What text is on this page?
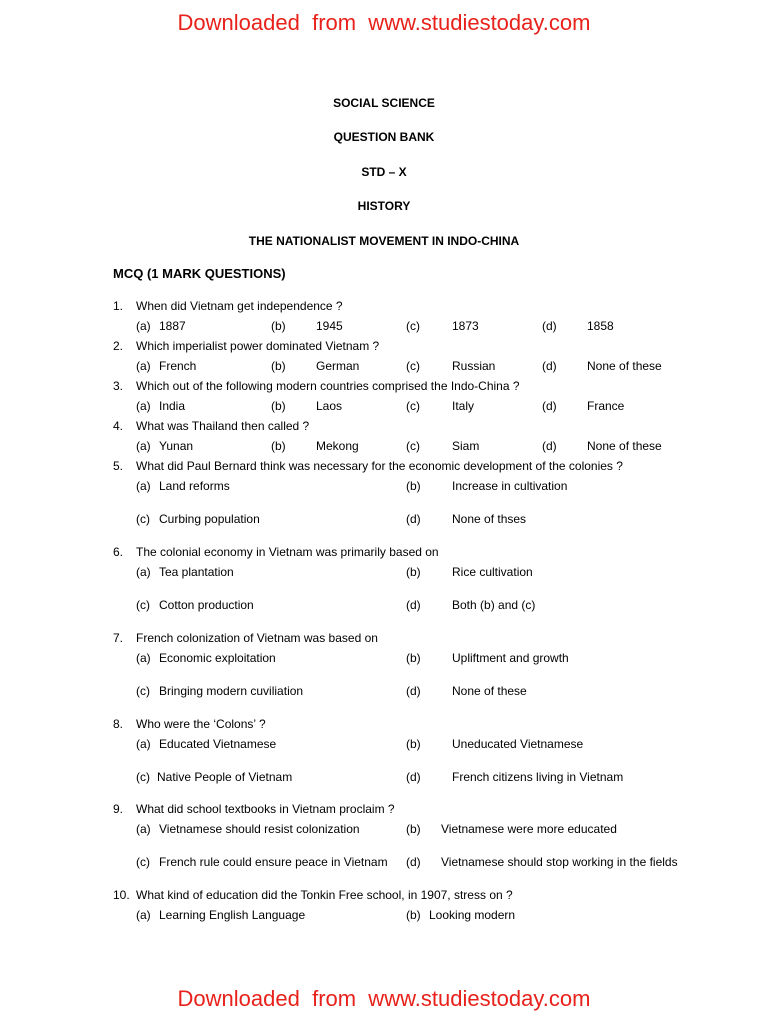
Downloaded  from  www.studiestoday.com
SOCIAL SCIENCE
QUESTION BANK
STD – X
HISTORY
THE NATIONALIST MOVEMENT IN INDO-CHINA
MCQ (1 MARK QUESTIONS)
1. When did Vietnam get independence ?
(a) 1887	(b)	1945	(c)	1873	(d)	1858
2. Which imperialist power dominated Vietnam ?
(a) French	(b)	German	(c)	Russian	(d)	None of these
3. Which out of the following modern countries comprised the Indo-China ?
(a) India	(b)	Laos	(c)	Italy	(d)	France
4. What was Thailand then called ?
(a) Yunan	(b)	Mekong	(c)	Siam	(d)	None of these
5. What did Paul Bernard think was necessary for the economic development of the colonies ?
(a) Land reforms	(b)	Increase in cultivation
(c) Curbing population	(d)	None of thses
6. The colonial economy in Vietnam was primarily based on
(a) Tea plantation	(b)	Rice cultivation
(c) Cotton production	(d)	Both (b) and (c)
7. French colonization of Vietnam was based on
(a) Economic exploitation	(b)	Upliftment and growth
(c) Bringing modern cuviliation	(d)	None of these
8. Who were the ‘Colons’ ?
(a) Educated Vietnamese	(b)	Uneducated Vietnamese
(c) Native People of Vietnam	(d)	French citizens living in Vietnam
9. What did school textbooks in Vietnam proclaim ?
(a) Vietnamese should resist colonization	(b) Vietnamese were more educated
(c) French rule could ensure peace in Vietnam (d) Vietnamese should stop working in the fields
10. What kind of education did the Tonkin Free school, in 1907, stress on ?
(a) Learning English Language	(b) Looking modern
Downloaded  from  www.studiestoday.com
